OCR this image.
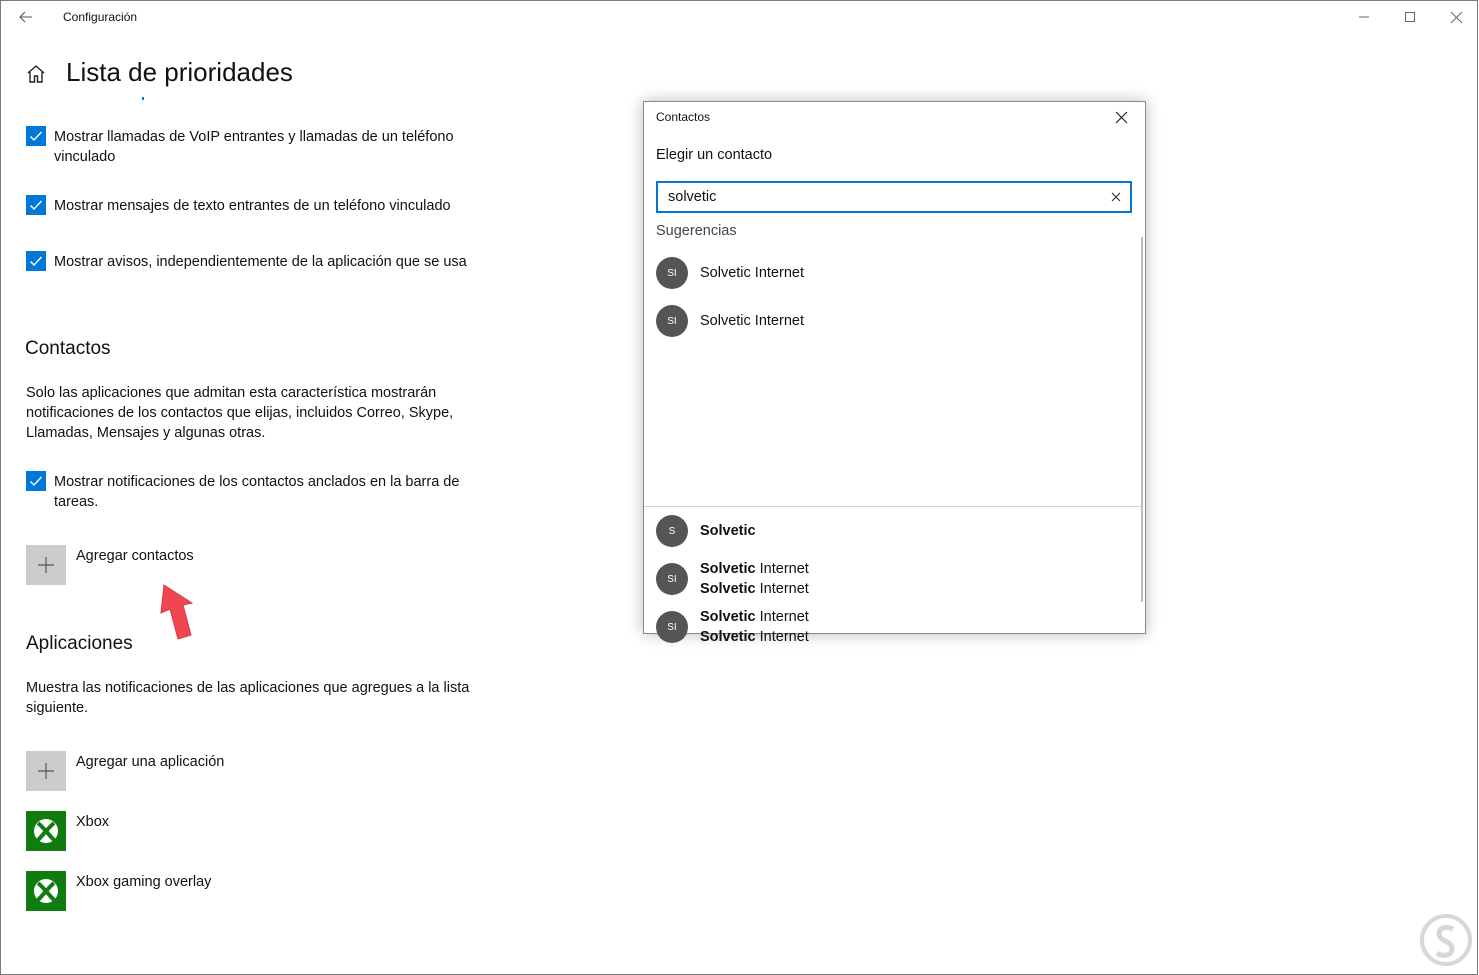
Configuración
Lista de prioridades
Mostrar llamadas de VoIP entrantes y llamadas de un teléfono vinculado
Mostrar mensajes de texto entrantes de un teléfono vinculado
Mostrar avisos, independientemente de la aplicación que se usa
Contactos
Solo las aplicaciones que admitan esta característica mostrarán notificaciones de los contactos que elijas, incluidos Correo, Skype, Llamadas, Mensajes y algunas otras.
Mostrar notificaciones de los contactos anclados en la barra de tareas.
Agregar contactos
Aplicaciones
Muestra las notificaciones de las aplicaciones que agregues a la lista siguiente.
Agregar una aplicación
Xbox
Xbox gaming overlay
Contactos
Elegir un contacto
solvetic
Sugerencias
SI	Solvetic Internet
SI	Solvetic Internet
S	Solvetic
SI
Solvetic Internet
Solvetic Internet
SI
Solvetic Internet
Solvetic Internet
